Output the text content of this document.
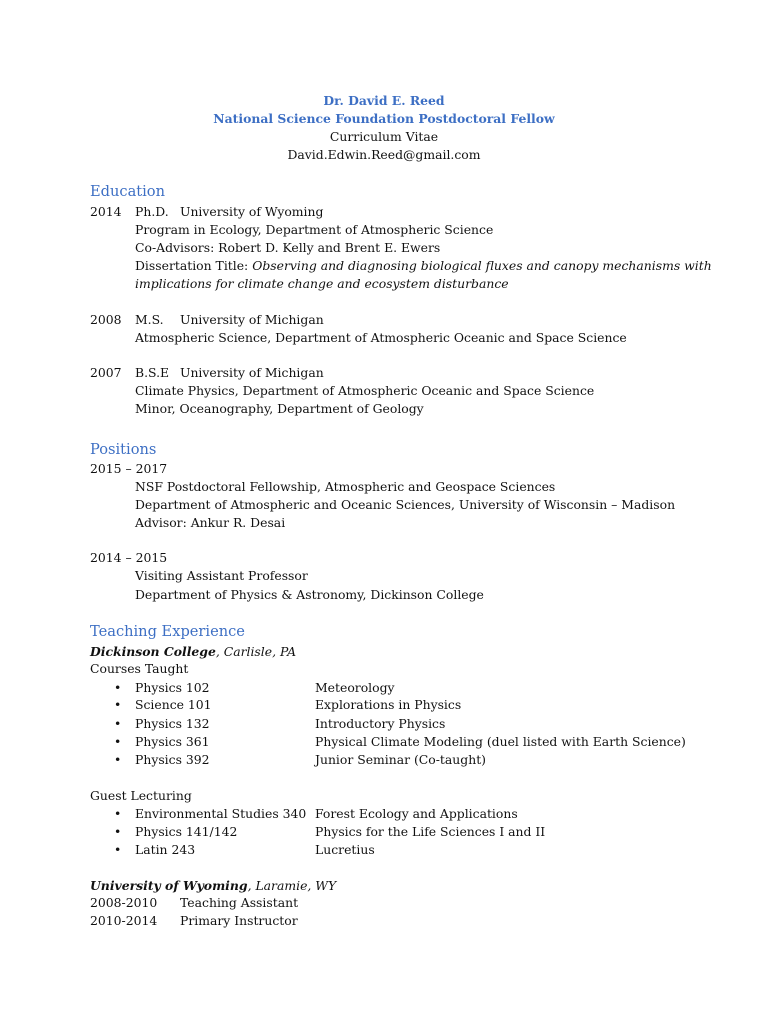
Dr. David E. Reed
National Science Foundation Postdoctoral Fellow
Curriculum Vitae
David.Edwin.Reed@gmail.com
Education
2014 Ph.D. University of Wyoming
Program in Ecology, Department of Atmospheric Science
Co-Advisors: Robert D. Kelly and Brent E. Ewers
Dissertation Title: Observing and diagnosing biological fluxes and canopy mechanisms with
implications for climate change and ecosystem disturbance
2008 M.S. University of Michigan
Atmospheric Science, Department of Atmospheric Oceanic and Space Science
2007 B.S.E University of Michigan
Climate Physics, Department of Atmospheric Oceanic and Space Science
Minor, Oceanography, Department of Geology
Positions
2015 – 2017
NSF Postdoctoral Fellowship, Atmospheric and Geospace Sciences
Department of Atmospheric and Oceanic Sciences, University of Wisconsin – Madison
Advisor: Ankur R. Desai
2014 – 2015
Visiting Assistant Professor
Department of Physics & Astronomy, Dickinson College
Teaching Experience
Dickinson College, Carlisle, PA
Courses Taught
• Physics 102	Meteorology
• Science 101	Explorations in Physics
• Physics 132	Introductory Physics
• Physics 361	Physical Climate Modeling (duel listed with Earth Science)
• Physics 392	Junior Seminar (Co-taught)
Guest Lecturing
• Environmental Studies 340 Forest Ecology and Applications
• Physics 141/142	Physics for the Life Sciences I and II
• Latin 243	Lucretius
University of Wyoming, Laramie, WY
2008-2010 Teaching Assistant
2010-2014 Primary Instructor
